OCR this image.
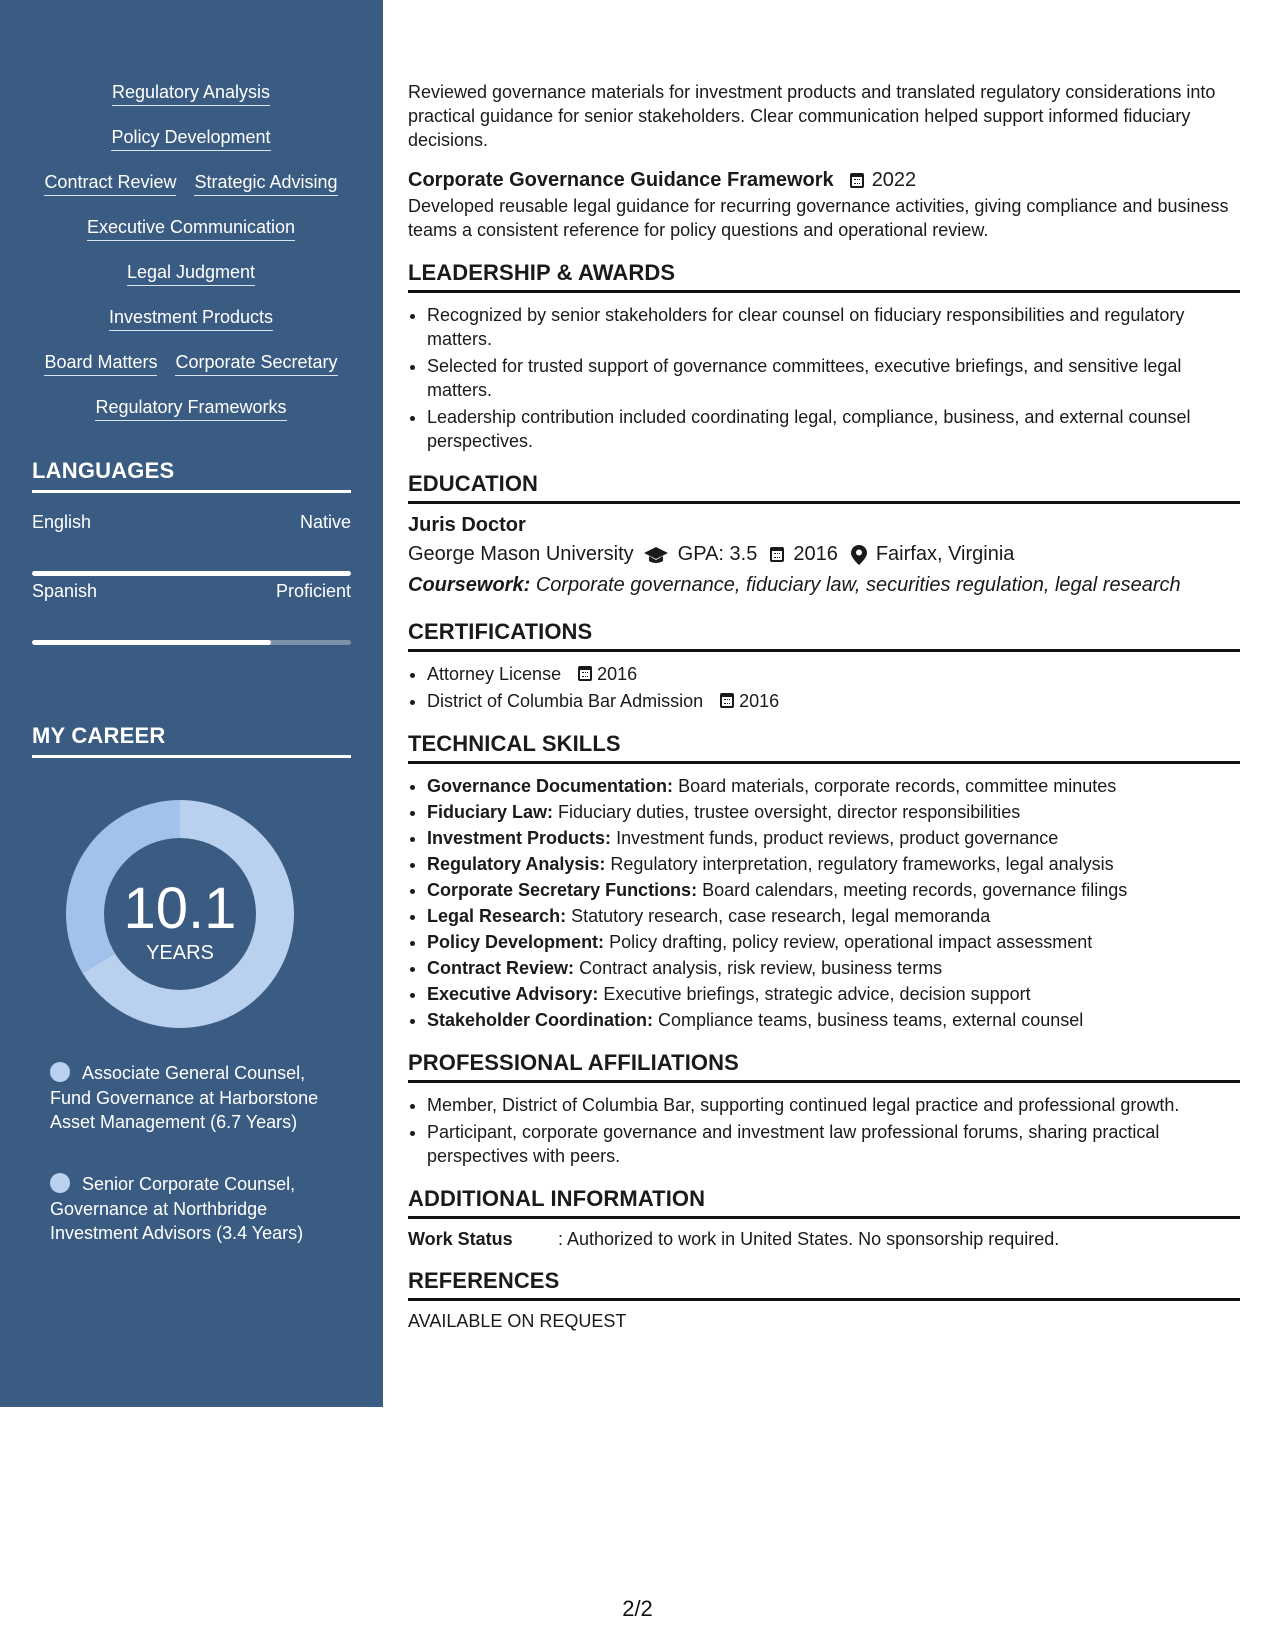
Regulatory Analysis
Policy Development
Contract Review Strategic Advising
Executive Communication
Legal Judgment
Investment Products
Board Matters Corporate Secretary
Regulatory Frameworks
LANGUAGES
English	Native
Spanish	Proficient
MY CAREER
10.1
YEARS
Associate General Counsel, Fund Governance at Harborstone Asset Management (6.7 Years)
Senior Corporate Counsel, Governance at Northbridge Investment Advisors (3.4 Years)

Reviewed governance materials for investment products and translated regulatory considerations into practical guidance for senior stakeholders. Clear communication helped support informed fiduciary decisions.

Corporate Governance Guidance Framework 2022

Developed reusable legal guidance for recurring governance activities, giving compliance and business teams a consistent reference for policy questions and operational review.

LEADERSHIP & AWARDS
• Recognized by senior stakeholders for clear counsel on fiduciary responsibilities and regulatory matters.
• Selected for trusted support of governance committees, executive briefings, and sensitive legal matters.
• Leadership contribution included coordinating legal, compliance, business, and external counsel perspectives.
EDUCATION
Juris Doctor
George Mason University GPA: 3.5 2016 Fairfax, Virginia
Coursework: Corporate governance, fiduciary law, securities regulation, legal research
CERTIFICATIONS
• Attorney License 2016
• District of Columbia Bar Admission 2016
TECHNICAL SKILLS
• Governance Documentation: Board materials, corporate records, committee minutes
• Fiduciary Law: Fiduciary duties, trustee oversight, director responsibilities
• Investment Products: Investment funds, product reviews, product governance
• Regulatory Analysis: Regulatory interpretation, regulatory frameworks, legal analysis
• Corporate Secretary Functions: Board calendars, meeting records, governance filings
• Legal Research: Statutory research, case research, legal memoranda
• Policy Development: Policy drafting, policy review, operational impact assessment
• Contract Review: Contract analysis, risk review, business terms
• Executive Advisory: Executive briefings, strategic advice, decision support
• Stakeholder Coordination: Compliance teams, business teams, external counsel
PROFESSIONAL AFFILIATIONS
• Member, District of Columbia Bar, supporting continued legal practice and professional growth.
• Participant, corporate governance and investment law professional forums, sharing practical perspectives with peers.
ADDITIONAL INFORMATION
Work Status	: Authorized to work in United States. No sponsorship required.
REFERENCES
AVAILABLE ON REQUEST
2/2
